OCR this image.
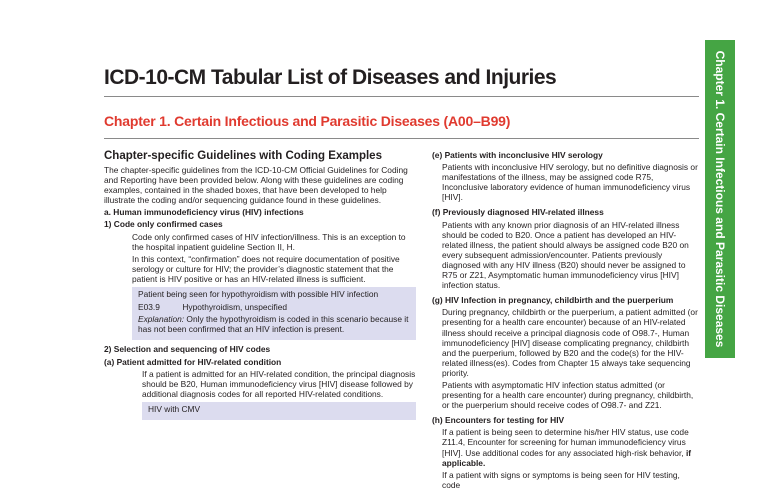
Chapter 1. Certain Infectious and Parasitic Diseases
ICD-10-CM Tabular List of Diseases and Injuries
Chapter 1. Certain Infectious and Parasitic Diseases (A00–B99)

Chapter-specific Guidelines with Coding Examples

The chapter-specific guidelines from the ICD-10-CM Official Guidelines for Coding and Reporting have been provided below. Along with these guidelines are coding examples, contained in the shaded boxes, that have been developed to help illustrate the coding and/or sequencing guidance found in these guidelines.

a. Human immunodeficiency virus (HIV) infections

1) Code only confirmed cases

Code only confirmed cases of HIV infection/illness. This is an exception to the hospital inpatient guideline Section II, H.

In this context, “confirmation” does not require documentation of positive serology or culture for HIV; the provider’s diagnostic statement that the patient is HIV positive or has an HIV-related illness is sufficient.

Patient being seen for hypothyroidism with possible HIV infection

E03.9	Hypothyroidism, unspecified

Explanation: Only the hypothyroidism is coded in this scenario because it has not been confirmed that an HIV infection is present.

2) Selection and sequencing of HIV codes

(a) Patient admitted for HIV-related condition

If a patient is admitted for an HIV-related condition, the principal diagnosis should be B20, Human immunodeficiency virus [HIV] disease followed by additional diagnosis codes for all reported HIV-related conditions.

HIV with CMV

(e) Patients with inconclusive HIV serology

Patients with inconclusive HIV serology, but no definitive diagnosis or manifestations of the illness, may be assigned code R75, Inconclusive laboratory evidence of human immunodeficiency virus [HIV].

(f) Previously diagnosed HIV-related illness

Patients with any known prior diagnosis of an HIV-related illness should be coded to B20. Once a patient has developed an HIV-related illness, the patient should always be assigned code B20 on every subsequent admission/encounter. Patients previously diagnosed with any HIV illness (B20) should never be assigned to R75 or Z21, Asymptomatic human immunodeficiency virus [HIV] infection status.

(g) HIV Infection in pregnancy, childbirth and the puerperium

During pregnancy, childbirth or the puerperium, a patient admitted (or presenting for a health care encounter) because of an HIV-related illness should receive a principal diagnosis code of O98.7-, Human immunodeficiency [HIV] disease complicating pregnancy, childbirth and the puerperium, followed by B20 and the code(s) for the HIV-related illness(es). Codes from Chapter 15 always take sequencing priority.

Patients with asymptomatic HIV infection status admitted (or presenting for a health care encounter) during pregnancy, childbirth, or the puerperium should receive codes of O98.7- and Z21.

(h) Encounters for testing for HIV

If a patient is being seen to determine his/her HIV status, use code Z11.4, Encounter for screening for human immunodeficiency virus [HIV]. Use additional codes for any associated high-risk behavior, if applicable.

If a patient with signs or symptoms is being seen for HIV testing, code
